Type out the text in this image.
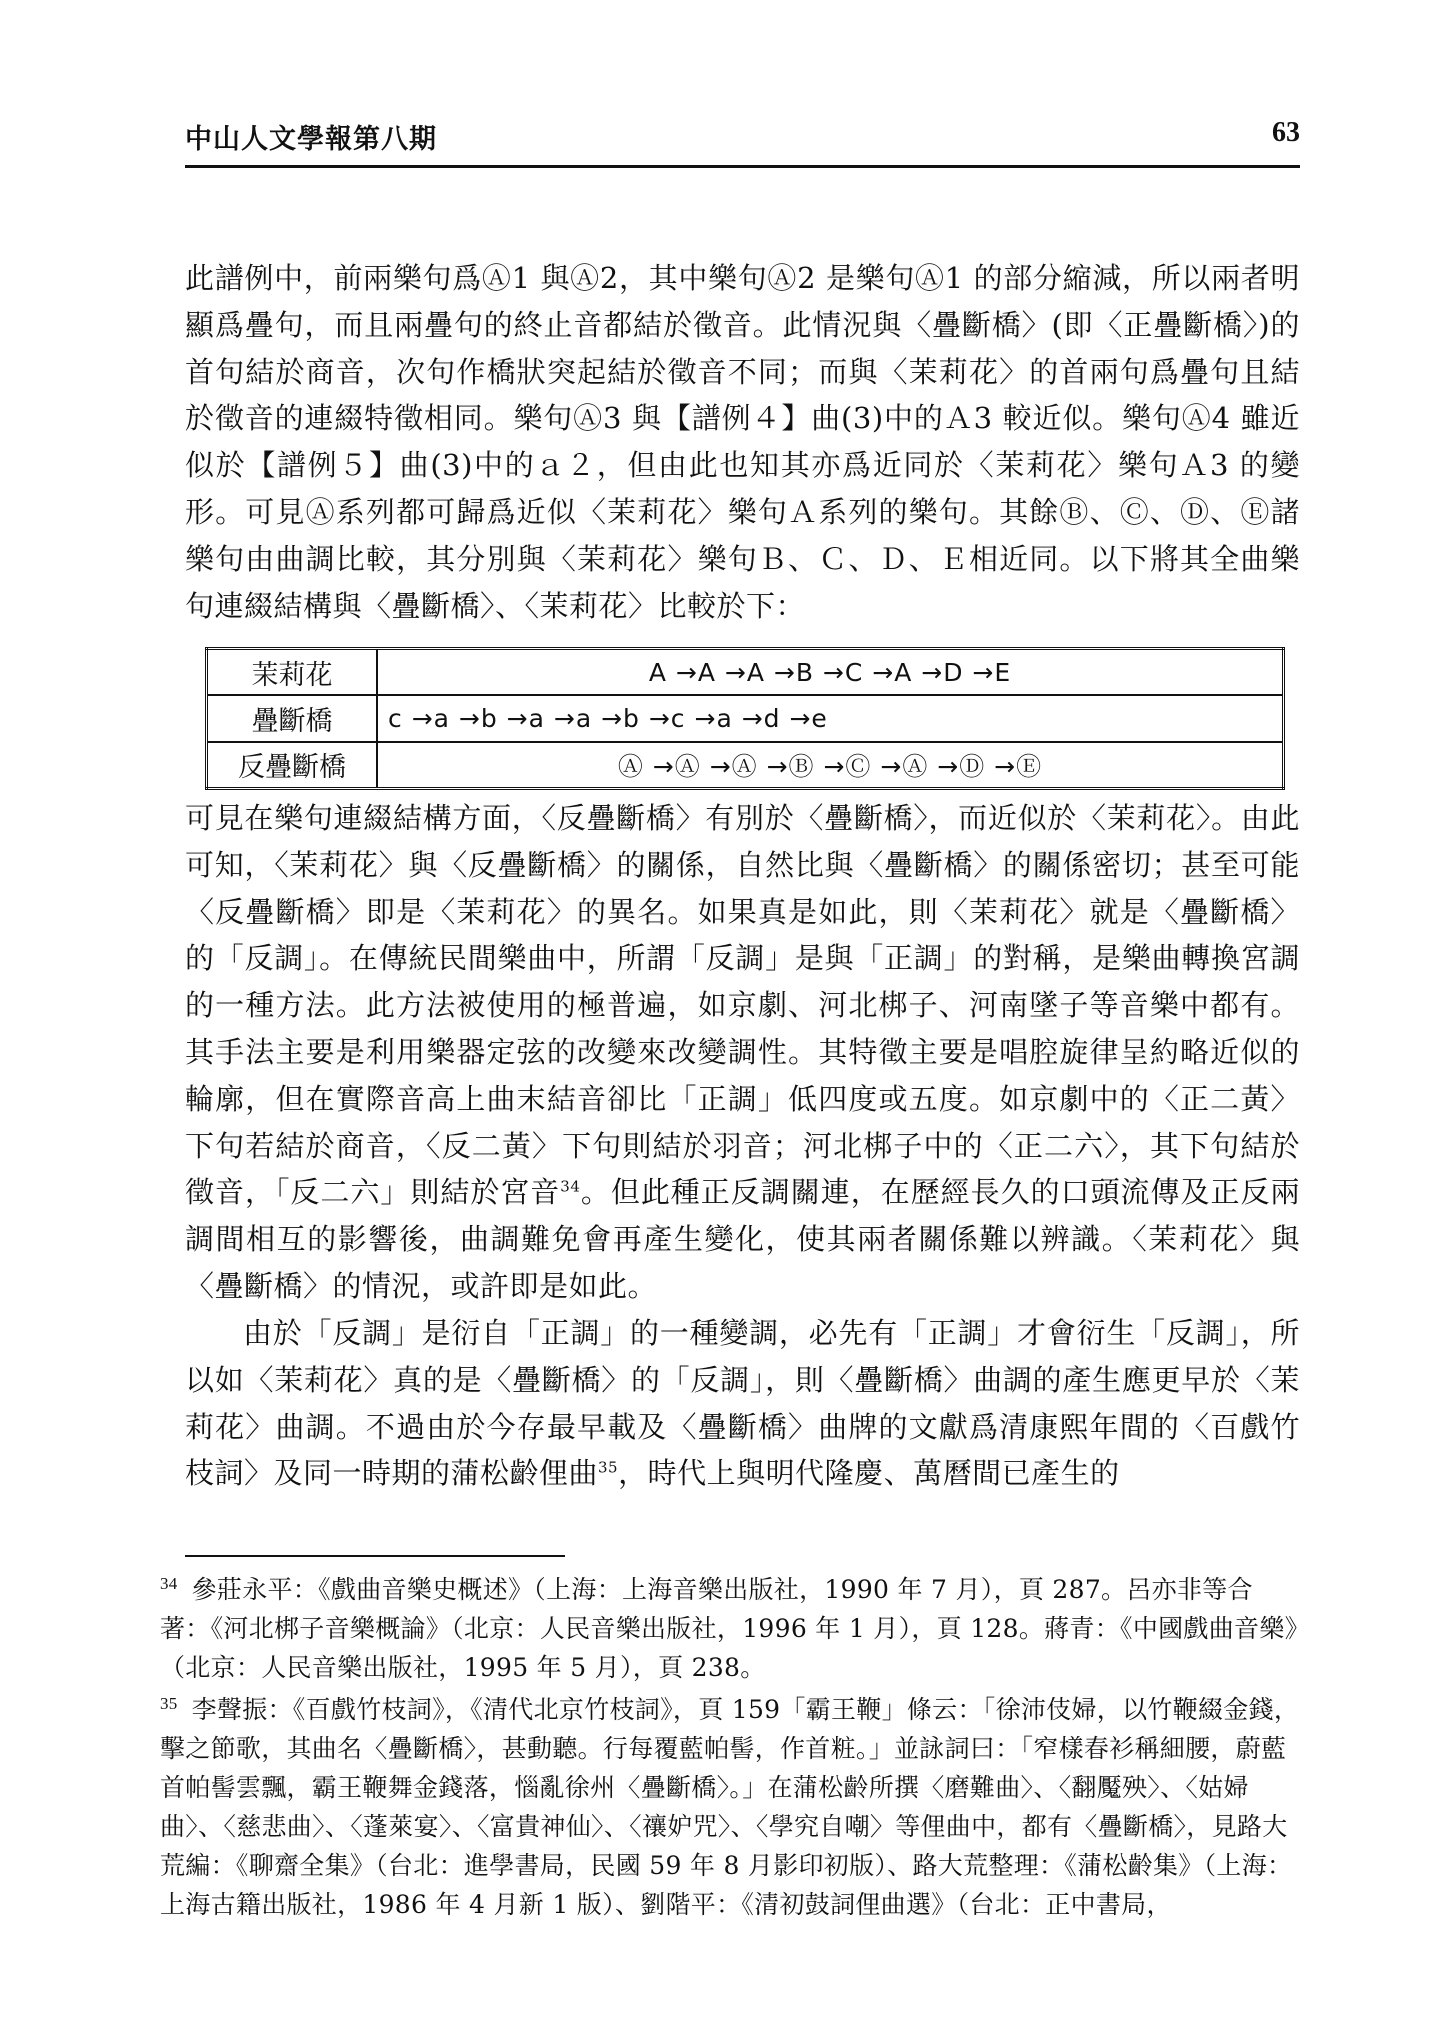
中山人文學報第八期	63

此譜例中，前兩樂句爲Ⓐ1 與Ⓐ2，其中樂句Ⓐ2 是樂句Ⓐ1 的部分縮減，所以兩者明顯爲疊句，而且兩疊句的終止音都結於徵音。此情況與〈疊斷橋〉(即〈正疊斷橋〉)的首句結於商音，次句作橋狀突起結於徵音不同；而與〈茉莉花〉的首兩句爲疊句且結於徵音的連綴特徵相同。樂句Ⓐ3 與【譜例４】曲(3)中的Ａ3 較近似。樂句Ⓐ4 雖近似於【譜例５】曲(3)中的ａ２，但由此也知其亦爲近同於〈茉莉花〉樂句Ａ3 的變形。可見Ⓐ系列都可歸爲近似〈茉莉花〉樂句Ａ系列的樂句。其餘Ⓑ、Ⓒ、Ⓓ、Ⓔ諸樂句由曲調比較，其分別與〈茉莉花〉樂句Ｂ、Ｃ、Ｄ、Ｅ相近同。以下將其全曲樂句連綴結構與〈疊斷橋〉、〈茉莉花〉比較於下：

茉莉花	A →A →A →B →C →A →D →E
疊斷橋	c →a →b →a →a →b →c →a →d →e
反疊斷橋	Ⓐ →Ⓐ →Ⓐ →Ⓑ →Ⓒ →Ⓐ →Ⓓ →Ⓔ

可見在樂句連綴結構方面，〈反疊斷橋〉有別於〈疊斷橋〉，而近似於〈茉莉花〉。由此可知，〈茉莉花〉與〈反疊斷橋〉的關係，自然比與〈疊斷橋〉的關係密切；甚至可能〈反疊斷橋〉即是〈茉莉花〉的異名。如果真是如此，則〈茉莉花〉就是〈疊斷橋〉的「反調」。在傳統民間樂曲中，所謂「反調」是與「正調」的對稱，是樂曲轉換宮調的一種方法。此方法被使用的極普遍，如京劇、河北梆子、河南墜子等音樂中都有。其手法主要是利用樂器定弦的改變來改變調性。其特徵主要是唱腔旋律呈約略近似的輪廓，但在實際音高上曲末結音卻比「正調」低四度或五度。如京劇中的〈正二黃〉下句若結於商音，〈反二黃〉下句則結於羽音；河北梆子中的〈正二六〉，其下句結於徵音，「反二六」則結於宮音$^{34}$。但此種正反調關連，在歷經長久的口頭流傳及正反兩調間相互的影響後，曲調難免會再產生變化，使其兩者關係難以辨識。〈茉莉花〉與〈疊斷橋〉的情況，或許即是如此。

由於「反調」是衍自「正調」的一種變調，必先有「正調」才會衍生「反調」，所以如〈茉莉花〉真的是〈疊斷橋〉的「反調」，則〈疊斷橋〉曲調的產生應更早於〈茉莉花〉曲調。不過由於今存最早載及〈疊斷橋〉曲牌的文獻爲清康熙年間的〈百戲竹枝詞〉及同一時期的蒲松齡俚曲$^{35}$，時代上與明代隆慶、萬曆間已產生的

$^{34}$ 參莊永平：《戲曲音樂史概述》（上海：上海音樂出版社，1990 年 7 月），頁 287。呂亦非等合著：《河北梆子音樂概論》（北京：人民音樂出版社，1996 年 1 月），頁 128。蔣青：《中國戲曲音樂》（北京：人民音樂出版社，1995 年 5 月），頁 238。

$^{35}$ 李聲振：《百戲竹枝詞》，《清代北京竹枝詞》，頁 159「霸王鞭」條云：「徐沛伎婦，以竹鞭綴金錢，擊之節歌，其曲名〈疊斷橋〉，甚動聽。行每覆藍帕髻，作首粧。」並詠詞曰：「窄樣春衫稱細腰，蔚藍首帕髻雲飄，霸王鞭舞金錢落，惱亂徐州〈疊斷橋〉。」在蒲松齡所撰〈磨難曲〉、〈翻魘殃〉、〈姑婦曲〉、〈慈悲曲〉、〈蓬萊宴〉、〈富貴神仙〉、〈禳妒咒〉、〈學究自嘲〉等俚曲中，都有〈疊斷橋〉，見路大荒編：《聊齋全集》（台北：進學書局，民國 59 年 8 月影印初版）、路大荒整理：《蒲松齡集》（上海：上海古籍出版社，1986 年 4 月新 1 版）、劉階平：《清初鼓詞俚曲選》（台北：正中書局，
